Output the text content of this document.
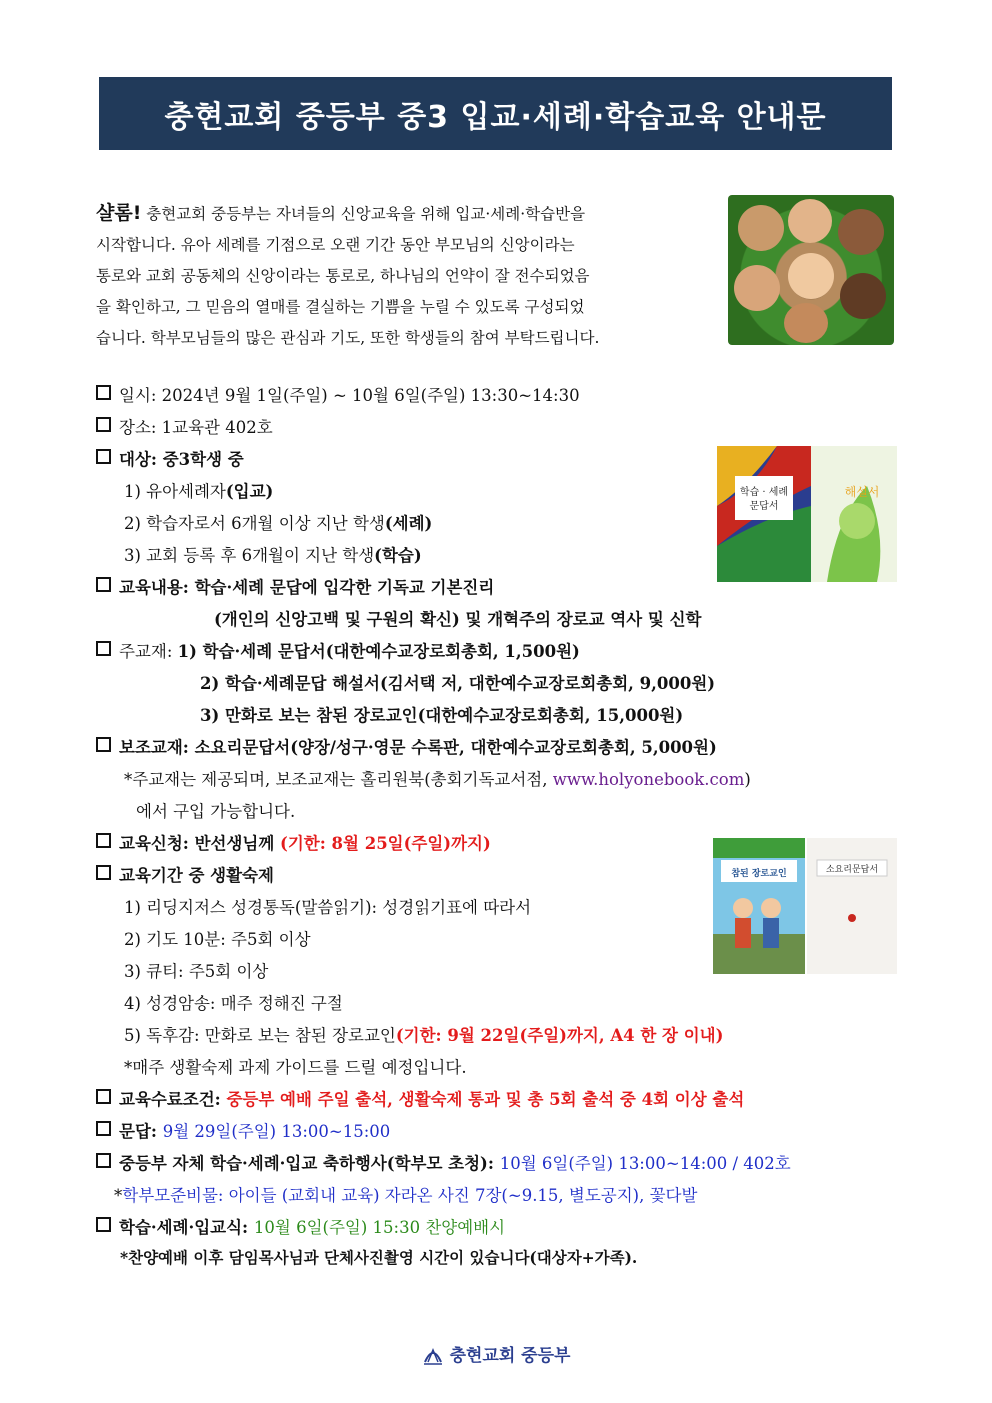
충현교회 중등부 중3 입교·세례·학습교육 안내문
샬롬! 충현교회 중등부는 자녀들의 신앙교육을 위해 입교·세례·학습반을
시작합니다. 유아 세례를 기점으로 오랜 기간 동안 부모님의 신앙이라는
통로와 교회 공동체의 신앙이라는 통로로, 하나님의 언약이 잘 전수되었음
을 확인하고, 그 믿음의 열매를 결실하는 기쁨을 누릴 수 있도록 구성되었
습니다. 학부모님들의 많은 관심과 기도, 또한 학생들의 참여 부탁드립니다.
일시: 2024년 9월 1일(주일) ~ 10월 6일(주일) 13:30~14:30
장소: 1교육관 402호
대상: 중3학생 중
1) 유아세례자(입교)
2) 학습자로서 6개월 이상 지난 학생(세례)
3) 교회 등록 후 6개월이 지난 학생(학습)
교육내용: 학습·세례 문답에 입각한 기독교 기본진리
(개인의 신앙고백 및 구원의 확신) 및 개혁주의 장로교 역사 및 신학
주교재: 1) 학습·세례 문답서(대한예수교장로회총회, 1,500원)
2) 학습·세례문답 해설서(김서택 저, 대한예수교장로회총회, 9,000원)
3) 만화로 보는 참된 장로교인(대한예수교장로회총회, 15,000원)
보조교재: 소요리문답서(양장/성구·영문 수록판, 대한예수교장로회총회, 5,000원)
*주교재는 제공되며, 보조교재는 홀리원북(총회기독교서점, www.holyonebook.com)
에서 구입 가능합니다.
교육신청: 반선생님께 (기한: 8월 25일(주일)까지)
교육기간 중 생활숙제
1) 리딩지저스 성경통독(말씀읽기): 성경읽기표에 따라서
2) 기도 10분: 주5회 이상
3) 큐티: 주5회 이상
4) 성경암송: 매주 정해진 구절
5) 독후감: 만화로 보는 참된 장로교인(기한: 9월 22일(주일)까지, A4 한 장 이내)
*매주 생활숙제 과제 가이드를 드릴 예정입니다.
교육수료조건: 중등부 예배 주일 출석, 생활숙제 통과 및 총 5회 출석 중 4회 이상 출석
문답: 9월 29일(주일) 13:00~15:00
중등부 자체 학습·세례·입교 축하행사(학부모 초청): 10월 6일(주일) 13:00~14:00 / 402호
*학부모준비물: 아이들 (교회내 교육) 자라온 사진 7장(~9.15, 별도공지), 꽃다발
학습·세례·입교식: 10월 6일(주일) 15:30 찬양예배시
*찬양예배 이후 담임목사님과 단체사진촬영 시간이 있습니다(대상자+가족).
학습 · 세례
문답서
해설서
참된 장로교인	소요리문답서
충현교회 중등부
